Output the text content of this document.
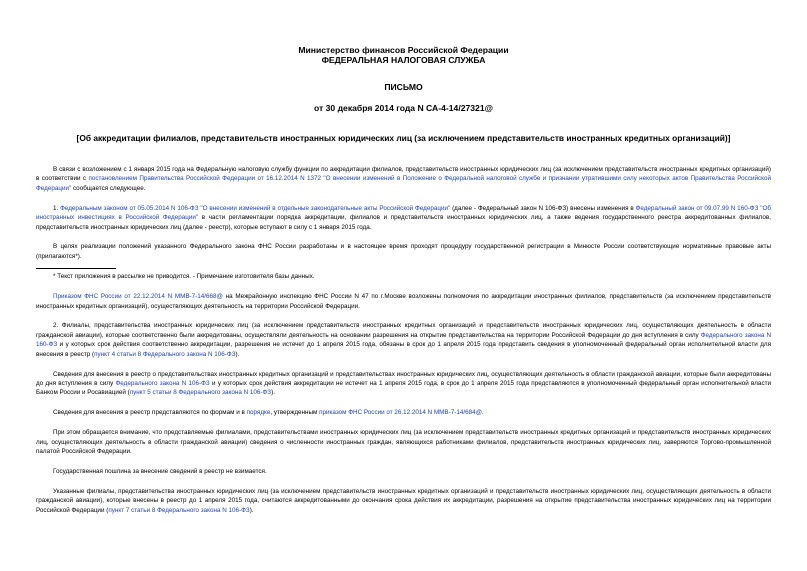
Министерство финансов Российской Федерации
ФЕДЕРАЛЬНАЯ НАЛОГОВАЯ СЛУЖБА
ПИСЬМО
от 30 декабря 2014 года N СА-4-14/27321@
[Об аккредитации филиалов, представительств иностранных юридических лиц (за исключением представительств иностранных кредитных организаций)]

В связи с возложением с 1 января 2015 года на Федеральную налоговую службу функции по аккредитации филиалов, представительств иностранных юридических лиц (за исключением представительств иностранных кредитных организаций) в соответствии с постановлением Правительства Российской Федерации от 16.12.2014 N 1372 "О внесении изменений в Положение о Федеральной налоговой службе и признании утратившими силу некоторых актов Правительства Российской Федерации" сообщается следующее.

1. Федеральным законом от 05.05.2014 N 106-ФЗ "О внесении изменений в отдельные законодательные акты Российской Федерации" (далее - Федеральный закон N 106-ФЗ) внесены изменения в Федеральный закон от 09.07.99 N 160-ФЗ "Об иностранных инвестициях в Российской Федерации" в части регламентации порядка аккредитации, филиалов и представительств иностранных юридических лиц, а также ведения государственного реестра аккредитованных филиалов, представительств иностранных юридических лиц (далее - реестр), которые вступают в силу с 1 января 2015 года.

В целях реализации положений указанного Федерального закона ФНС России разработаны и в настоящее время проходят процедуру государственной регистрации в Минюсте России соответствующие нормативные правовые акты (прилагаются*).

* Текст приложения в рассылке не приводится. - Примечание изготовителя базы данных.

Приказом ФНС России от 22.12.2014 N ММВ-7-14/668@ на Межрайонную инспекцию ФНС России N 47 по г.Москве возложены полномочия по аккредитации иностранных филиалов, представительств (за исключением представительств иностранных кредитных организаций), осуществляющих деятельность на территории Российской Федерации.

2. Филиалы, представительства иностранных юридических лиц (за исключением представительств иностранных кредитных организаций и представительств иностранных юридических лиц, осуществляющих деятельность в области гражданской авиации), которые соответственно были аккредитованы, осуществляли деятельность на основании разрешения на открытие представительства на территории Российской Федерации до дня вступления в силу Федерального закона N 160-ФЗ и у которых срок действия соответственно аккредитации, разрешения не истечет до 1 апреля 2015 года, обязаны в срок до 1 апреля 2015 года представить сведения в уполномоченный федеральный орган исполнительной власти для внесения в реестр (пункт 4 статьи 8 Федерального закона N 106-ФЗ).

Сведения для внесения в реестр о представительствах иностранных кредитных организаций и представительствах иностранных юридических лиц, осуществляющих деятельность в области гражданской авиации, которые были аккредитованы до дня вступления в силу Федерального закона N 106-ФЗ и у которых срок действия аккредитации не истечет на 1 апреля 2015 года, в срок до 1 апреля 2015 года представляются в уполномоченный федеральный орган исполнительной власти Банком России и Росавиацией (пункт 5 статьи 8 Федерального закона N 106-ФЗ).

Сведения для внесения в реестр представляются по формам и в порядке, утвержденным приказом ФНС России от 26.12.2014 N ММВ-7-14/684@.

При этом обращается внимание, что представляемые филиалами, представительствами иностранных юридических лиц (за исключением представительств иностранных кредитных организаций и представительств иностранных юридических лиц, осуществляющих деятельность в области гражданской авиации) сведения о численности иностранных граждан, являющихся работниками филиалов, представительств иностранных юридических лиц, заверяются Торгово-промышленной палатой Российской Федерации.

Государственная пошлина за внесение сведений в реестр не взимается.

Указанные филиалы, представительства иностранных юридических лиц (за исключением представительств иностранных кредитных организаций и представительств иностранных юридических лиц, осуществляющих деятельность в области гражданской авиации), которые внесены в реестр до 1 апреля 2015 года, считаются аккредитованными до окончания срока действия их аккредитации, разрешения на открытие представительства иностранных юридических лиц на территории Российской Федерации (пункт 7 статьи 8 Федерального закона N 106-ФЗ).
